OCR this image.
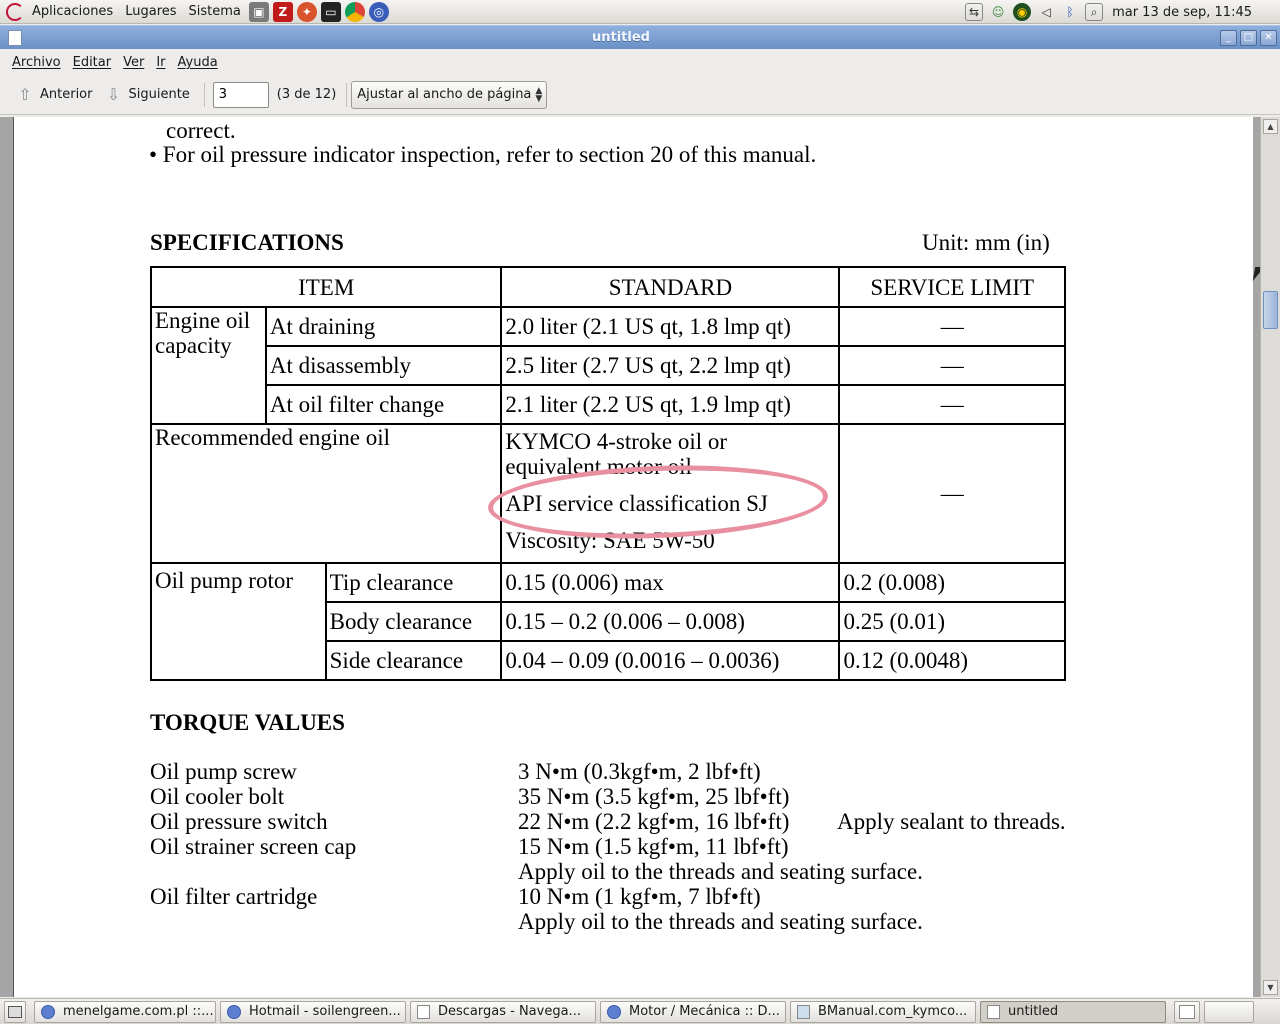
Aplicaciones Lugares Sistema	▣	Z	✦	▭	◎	⇆	☺	◉	◁	ᛒ	⌕	mar 13 de sep, 11:45
untitled	_	□	✕
Archivo Editar Ver Ir Ayuda
⇧ Anterior ⇩ Siguiente
3	(3 de 12) Ajustar al ancho de página ▲
▼
correct.
• For oil pressure indicator inspection, refer to section 20 of this manual.
SPECIFICATIONS	Unit: mm (in)
ITEM			STANDARD	SERVICE LIMIT
Engine oil capacity	At draining		2.0 liter (2.1 US qt, 1.8 lmp qt)	—
	At disassembly		2.5 liter (2.7 US qt, 2.2 lmp qt)	—
	At oil filter change		2.1 liter (2.2 US qt, 1.9 lmp qt)	—
Recommended engine oil			KYMCO 4-stroke oil or
equivalent motor oil
API service classification SJ
Viscosity: SAE 5W-50	—
Oil pump rotor		Tip clearance	0.15 (0.006) max	0.2 (0.008)
		Body clearance	0.15 – 0.2 (0.006 – 0.008)	0.25 (0.01)
		Side clearance	0.04 – 0.09 (0.0016 – 0.0036)	0.12 (0.0048)
TORQUE VALUES
Oil pump screw	3 N•m (0.3kgf•m, 2 lbf•ft)
Oil cooler bolt	35 N•m (3.5 kgf•m, 25 lbf•ft)
Oil pressure switch	22 N•m (2.2 kgf•m, 16 lbf•ft) Apply sealant to threads.
Oil strainer screen cap	15 N•m (1.5 kgf•m, 11 lbf•ft)
Apply oil to the threads and seating surface.
Oil filter cartridge	10 N•m (1 kgf•m, 7 lbf•ft)
Apply oil to the threads and seating surface.
▲
▼
menelgame.com.pl ::...	Hotmail - soilengreen...	Descargas - Navega...	Motor / Mecánica :: D...	BManual.com_kymco...	untitled
